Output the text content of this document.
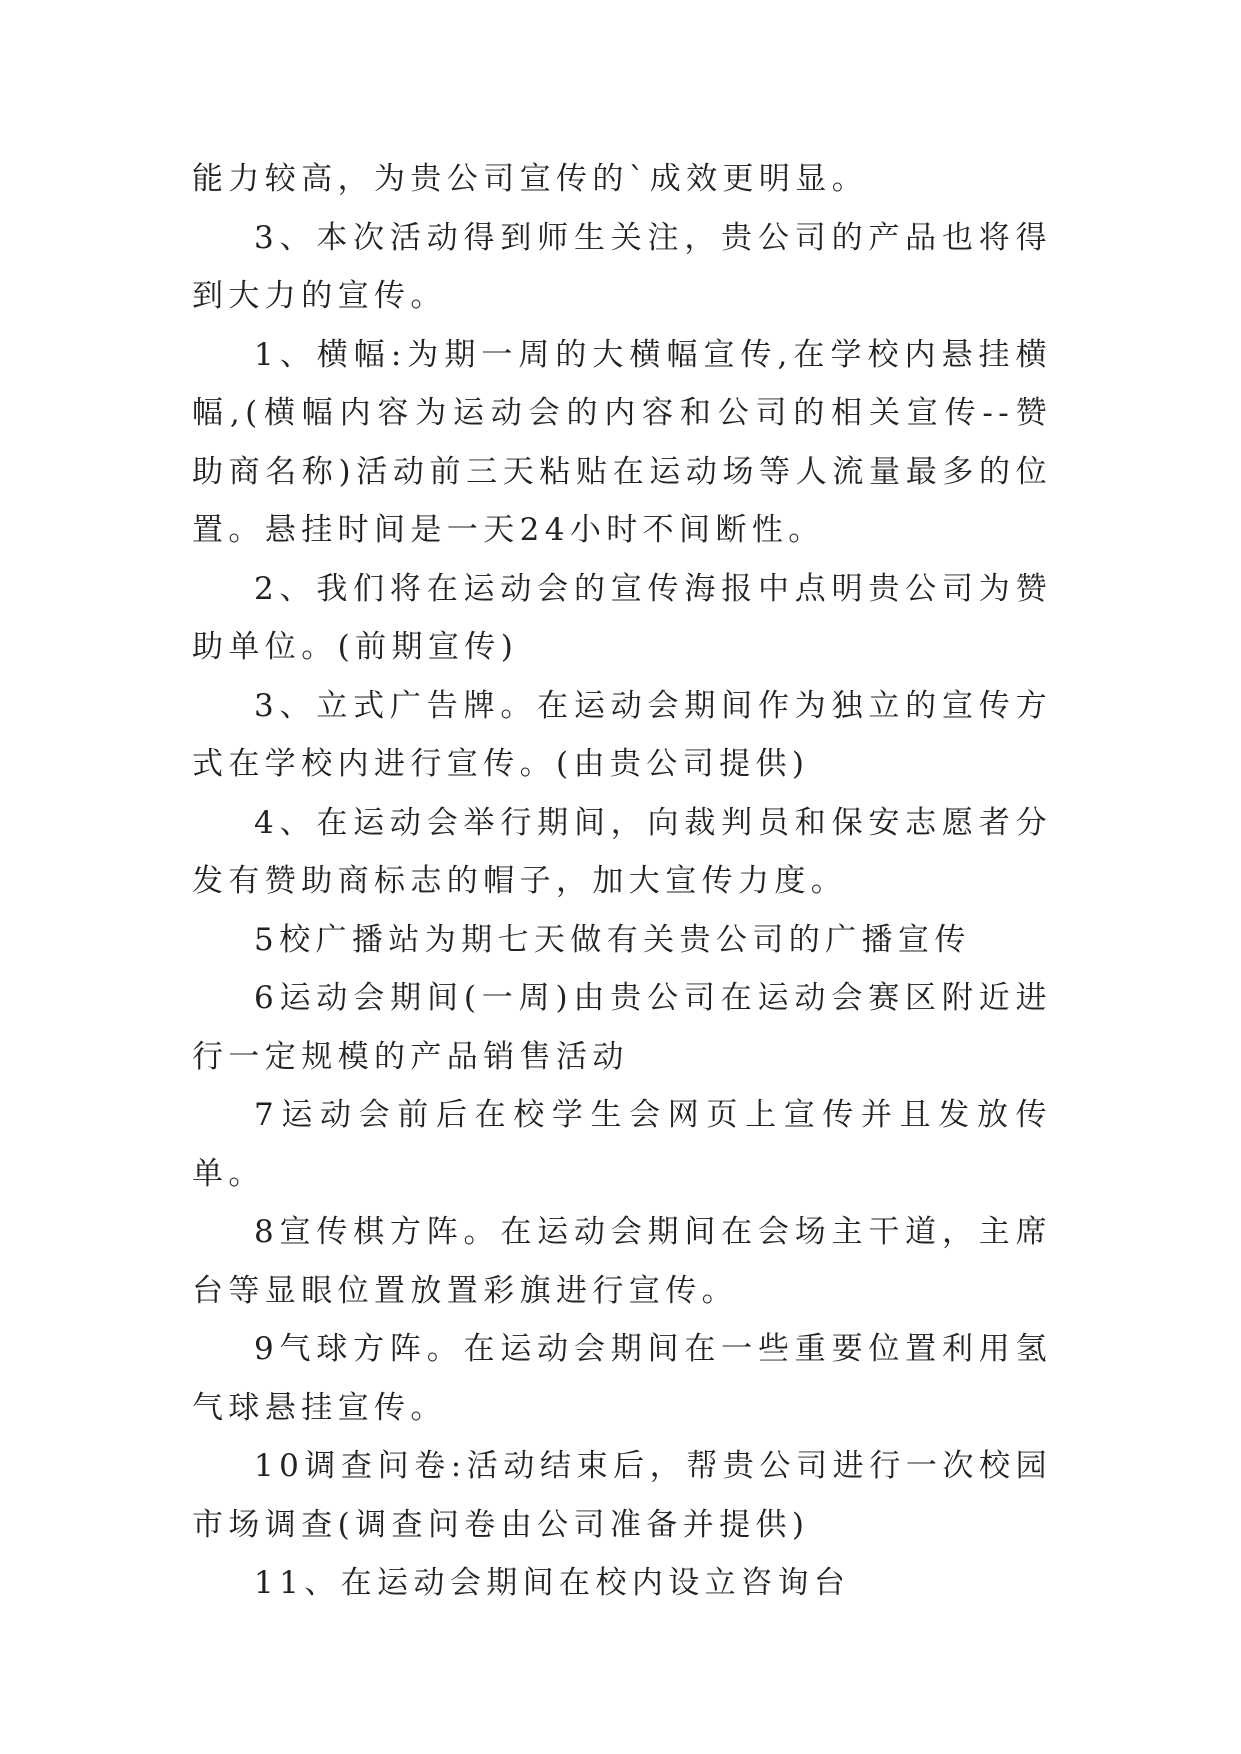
能力较高，为贵公司宣传的`成效更明显。

3、本次活动得到师生关注，贵公司的产品也将得到大力的宣传。

1、横幅:为期一周的大横幅宣传,在学校内悬挂横幅,(横幅内容为运动会的内容和公司的相关宣传--赞助商名称)活动前三天粘贴在运动场等人流量最多的位置。悬挂时间是一天24小时不间断性。

2、我们将在运动会的宣传海报中点明贵公司为赞助单位。(前期宣传)

3、立式广告牌。在运动会期间作为独立的宣传方式在学校内进行宣传。(由贵公司提供)

4、在运动会举行期间，向裁判员和保安志愿者分发有赞助商标志的帽子，加大宣传力度。

5校广播站为期七天做有关贵公司的广播宣传

6运动会期间(一周)由贵公司在运动会赛区附近进行一定规模的产品销售活动

7运动会前后在校学生会网页上宣传并且发放传单。

8宣传棋方阵。在运动会期间在会场主干道，主席台等显眼位置放置彩旗进行宣传。

9气球方阵。在运动会期间在一些重要位置利用氢气球悬挂宣传。

10调查问卷:活动结束后，帮贵公司进行一次校园市场调查(调查问卷由公司准备并提供)

11、在运动会期间在校内设立咨询台
